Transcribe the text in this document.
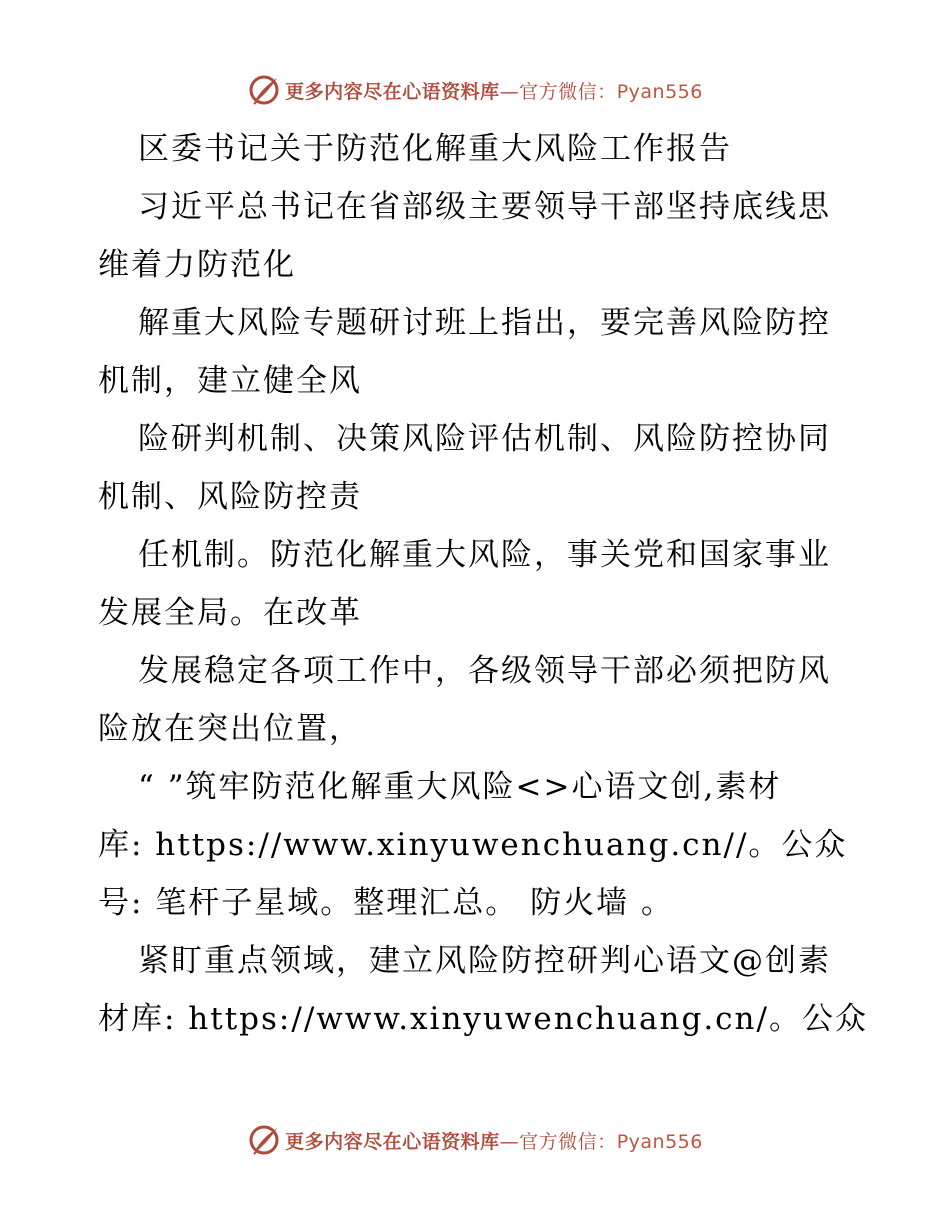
更多内容尽在心语资料库—官方微信：Pyan556
区委书记关于防范化解重大风险工作报告
习近平总书记在省部级主要领导干部坚持底线思
维着力防范化
解重大风险专题研讨班上指出，要完善风险防控
机制，建立健全风
险研判机制、决策风险评估机制、风险防控协同
机制、风险防控责
任机制。防范化解重大风险，事关党和国家事业
发展全局。在改革
发展稳定各项工作中，各级领导干部必须把防风
险放在突出位置，
“ ”筑牢防范化解重大风险<>心语文创,素材
库: https://www.xinyuwenchuang.cn//。公众
号: 笔杆子星域。整理汇总。 防火墙 。
紧盯重点领域，建立风险防控研判心语文@创素
材库: https://www.xinyuwenchuang.cn/。公众
更多内容尽在心语资料库—官方微信：Pyan556
